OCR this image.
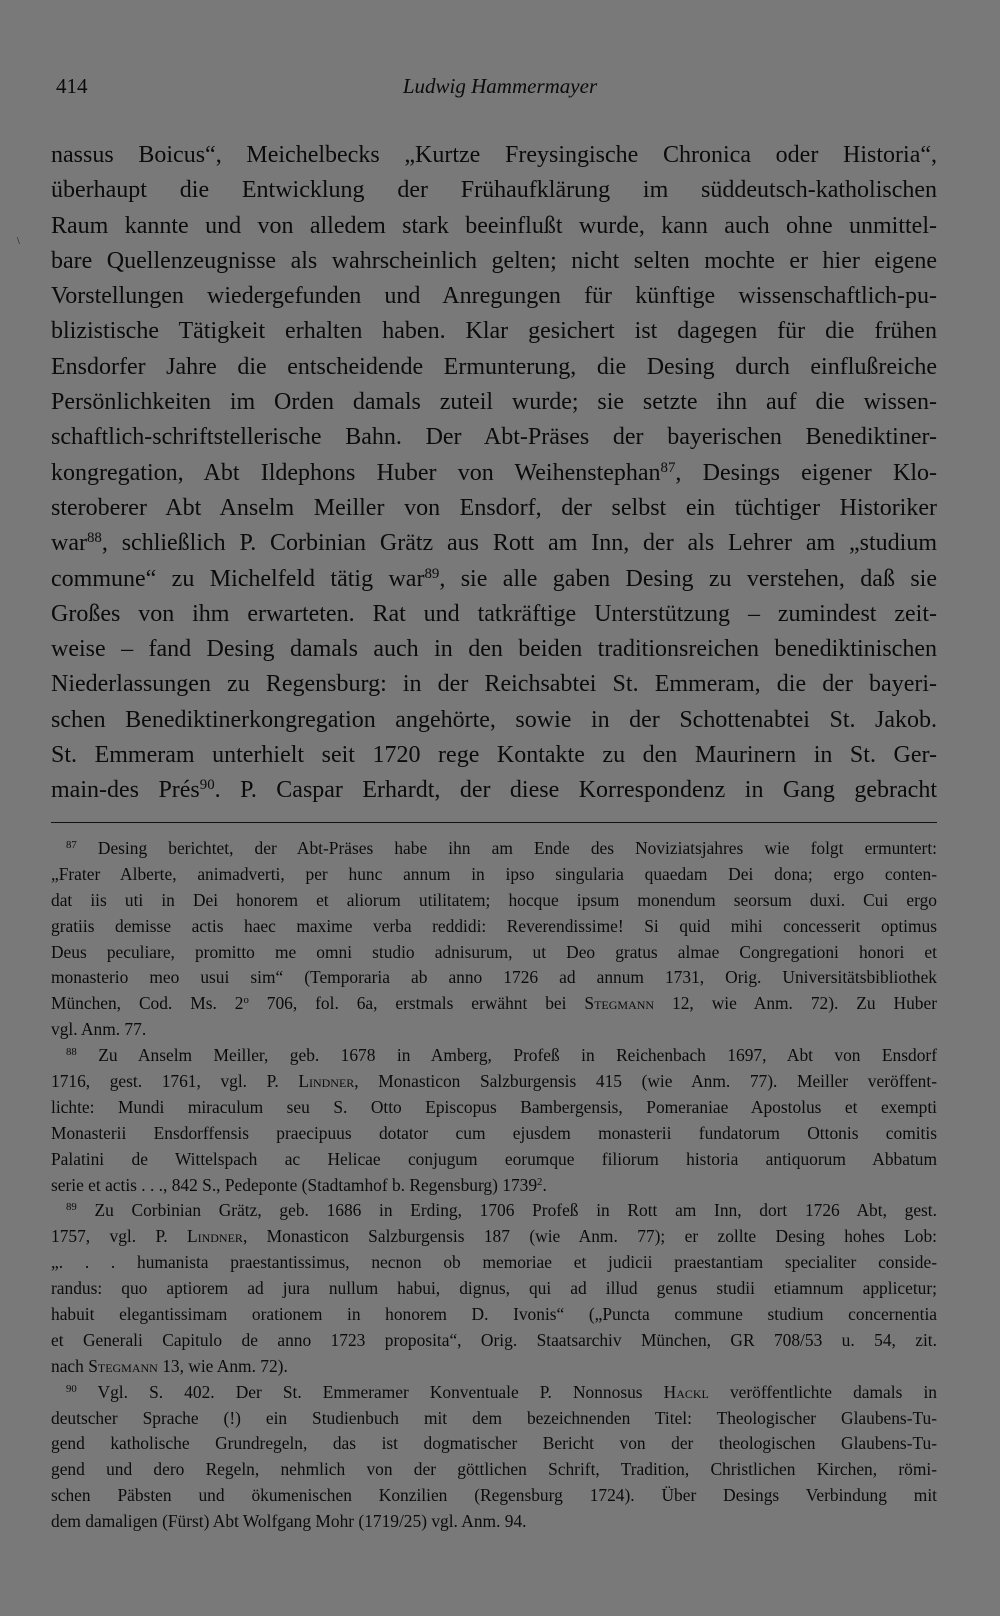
414	Ludwig Hammermayer
\
nassus Boicus“, Meichelbecks „Kurtze Freysingische Chronica oder Historia“,
überhaupt die Entwicklung der Frühaufklärung im süddeutsch-katholischen
Raum kannte und von alledem stark beeinflußt wurde, kann auch ohne unmittel-
bare Quellenzeugnisse als wahrscheinlich gelten; nicht selten mochte er hier eigene
Vorstellungen wiedergefunden und Anregungen für künftige wissenschaftlich-pu-
blizistische Tätigkeit erhalten haben. Klar gesichert ist dagegen für die frühen
Ensdorfer Jahre die entscheidende Ermunterung, die Desing durch einflußreiche
Persönlichkeiten im Orden damals zuteil wurde; sie setzte ihn auf die wissen-
schaftlich-schriftstellerische Bahn. Der Abt-Präses der bayerischen Benediktiner-
kongregation, Abt Ildephons Huber von Weihenstephan$^{87}$, Desings eigener Klo-
steroberer Abt Anselm Meiller von Ensdorf, der selbst ein tüchtiger Historiker
war$^{88}$, schließlich P. Corbinian Grätz aus Rott am Inn, der als Lehrer am „studium
commune“ zu Michelfeld tätig war$^{89}$, sie alle gaben Desing zu verstehen, daß sie
Großes von ihm erwarteten. Rat und tatkräftige Unterstützung – zumindest zeit-
weise – fand Desing damals auch in den beiden traditionsreichen benediktinischen
Niederlassungen zu Regensburg: in der Reichsabtei St. Emmeram, die der bayeri-
schen Benediktinerkongregation angehörte, sowie in der Schottenabtei St. Jakob.
St. Emmeram unterhielt seit 1720 rege Kontakte zu den Maurinern in St. Ger-
main-des Prés$^{90}$. P. Caspar Erhardt, der diese Korrespondenz in Gang gebracht
$^{87}$ Desing berichtet, der Abt-Präses habe ihn am Ende des Noviziatsjahres wie folgt ermuntert:
„Frater Alberte, animadverti, per hunc annum in ipso singularia quaedam Dei dona; ergo conten-
dat iis uti in Dei honorem et aliorum utilitatem; hocque ipsum monendum seorsum duxi. Cui ergo
gratiis demisse actis haec maxime verba reddidi: Reverendissime! Si quid mihi concesserit optimus
Deus peculiare, promitto me omni studio adnisurum, ut Deo gratus almae Congregationi honori et
monasterio meo usui sim“ (Temporaria ab anno 1726 ad annum 1731, Orig. Universitätsbibliothek
München, Cod. Ms. 2$^o$ 706, fol. 6a, erstmals erwähnt bei Stegmann 12, wie Anm. 72). Zu Huber
vgl. Anm. 77.
$^{88}$ Zu Anselm Meiller, geb. 1678 in Amberg, Profeß in Reichenbach 1697, Abt von Ensdorf
1716, gest. 1761, vgl. P. Lindner, Monasticon Salzburgensis 415 (wie Anm. 77). Meiller veröffent-
lichte: Mundi miraculum seu S. Otto Episcopus Bambergensis, Pomeraniae Apostolus et exempti
Monasterii Ensdorffensis praecipuus dotator cum ejusdem monasterii fundatorum Ottonis comitis
Palatini de Wittelspach ac Helicae conjugum eorumque filiorum historia antiquorum Abbatum
serie et actis . . ., 842 S., Pedeponte (Stadtamhof b. Regensburg) 1739$^2$.
$^{89}$ Zu Corbinian Grätz, geb. 1686 in Erding, 1706 Profeß in Rott am Inn, dort 1726 Abt, gest.
1757, vgl. P. Lindner, Monasticon Salzburgensis 187 (wie Anm. 77); er zollte Desing hohes Lob:
„. . . humanista praestantissimus, necnon ob memoriae et judicii praestantiam specialiter conside-
randus: quo aptiorem ad jura nullum habui, dignus, qui ad illud genus studii etiamnum applicetur;
habuit elegantissimam orationem in honorem D. Ivonis“ („Puncta commune studium concernentia
et Generali Capitulo de anno 1723 proposita“, Orig. Staatsarchiv München, GR 708/53 u. 54, zit.
nach Stegmann 13, wie Anm. 72).
$^{90}$ Vgl. S. 402. Der St. Emmeramer Konventuale P. Nonnosus Hackl veröffentlichte damals in
deutscher Sprache (!) ein Studienbuch mit dem bezeichnenden Titel: Theologischer Glaubens-Tu-
gend katholische Grundregeln, das ist dogmatischer Bericht von der theologischen Glaubens-Tu-
gend und dero Regeln, nehmlich von der göttlichen Schrift, Tradition, Christlichen Kirchen, römi-
schen Päbsten und ökumenischen Konzilien (Regensburg 1724). Über Desings Verbindung mit
dem damaligen (Fürst) Abt Wolfgang Mohr (1719/25) vgl. Anm. 94.
